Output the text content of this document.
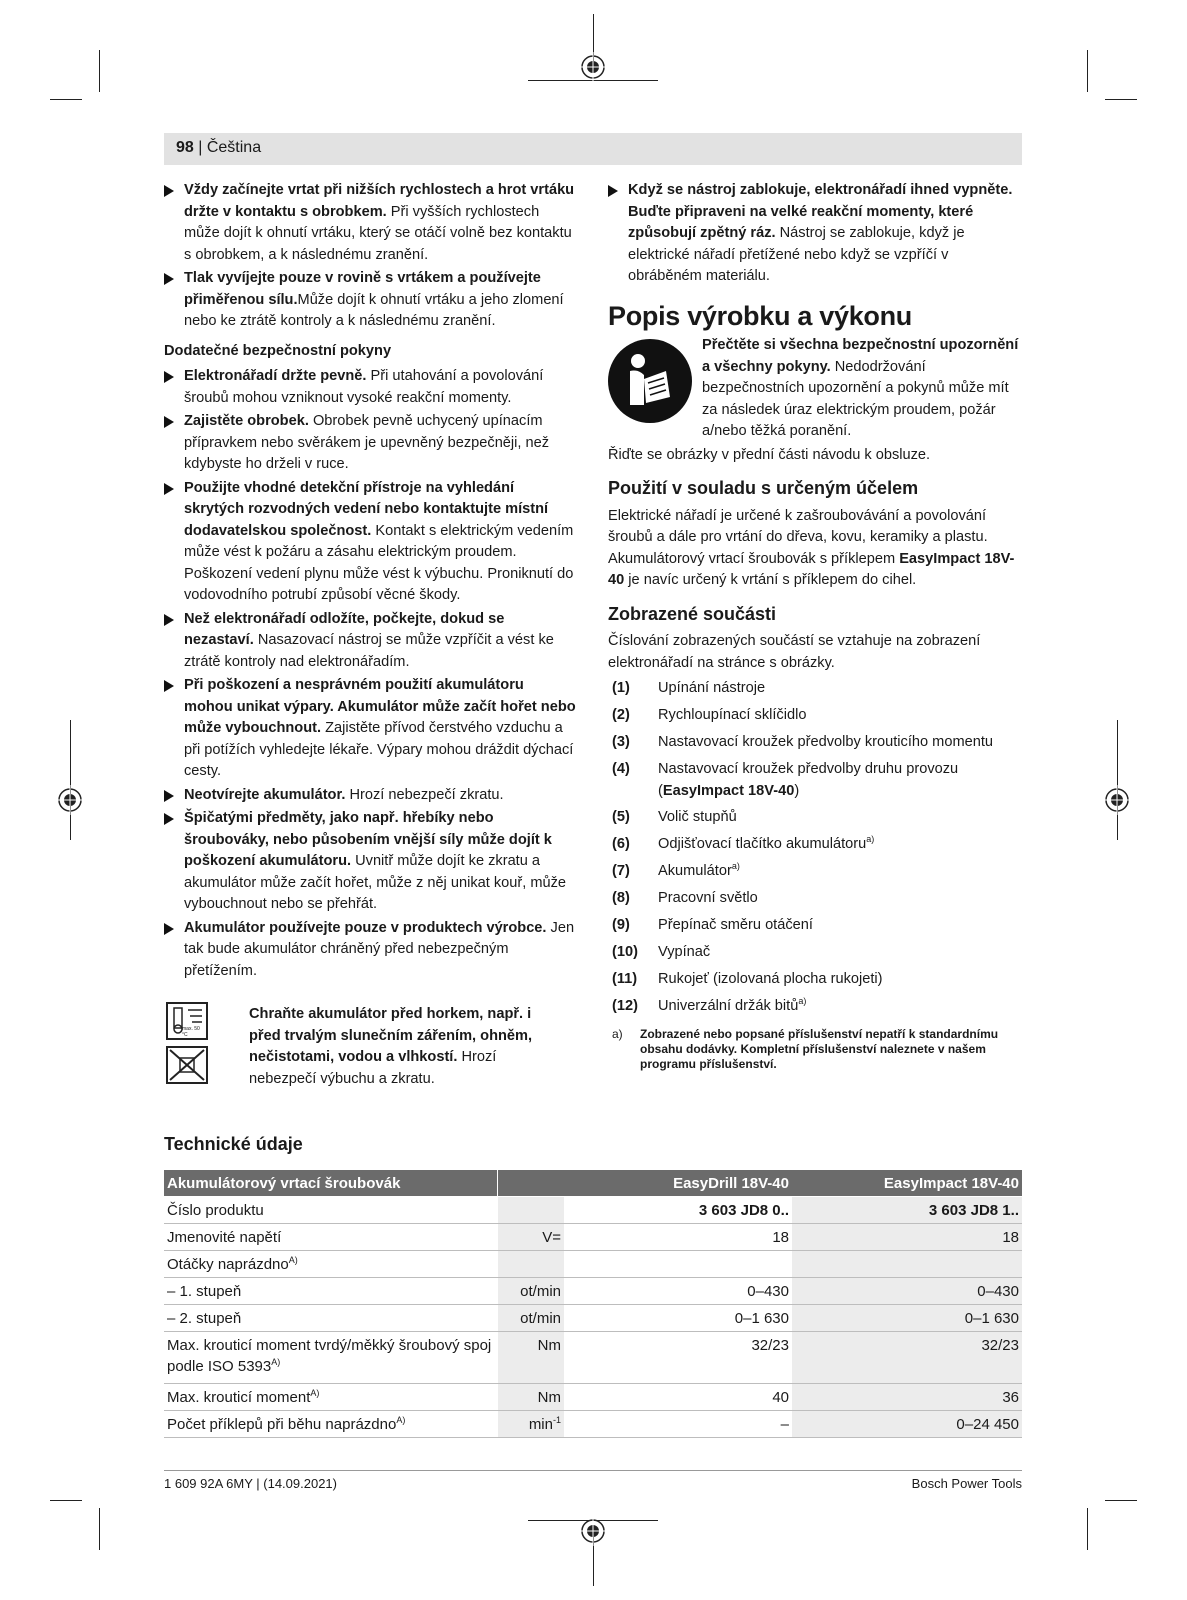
98 | Čeština
Vždy začínejte vrtat při nižších rychlostech a hrot vrtáku držte v kontaktu s obrobkem. Při vyšších rychlostech může dojít k ohnutí vrtáku, který se otáčí volně bez kontaktu s obrobkem, a k následnému zranění.
Tlak vyvíjejte pouze v rovině s vrtákem a používejte přiměřenou sílu.Může dojít k ohnutí vrtáku a jeho zlomení nebo ke ztrátě kontroly a k následnému zranění.
Dodatečné bezpečnostní pokyny
Elektronářadí držte pevně. Při utahování a povolování šroubů mohou vzniknout vysoké reakční momenty.
Zajistěte obrobek. Obrobek pevně uchycený upínacím přípravkem nebo svěrákem je upevněný bezpečněji, než kdybyste ho drželi v ruce.
Použijte vhodné detekční přístroje na vyhledání skrytých rozvodných vedení nebo kontaktujte místní dodavatelskou společnost. Kontakt s elektrickým vedením může vést k požáru a zásahu elektrickým proudem. Poškození vedení plynu může vést k výbuchu. Proniknutí do vodovodního potrubí způsobí věcné škody.
Než elektronářadí odložíte, počkejte, dokud se nezastaví. Nasazovací nástroj se může vzpříčit a vést ke ztrátě kontroly nad elektronářadím.
Při poškození a nesprávném použití akumulátoru mohou unikat výpary. Akumulátor může začít hořet nebo může vybouchnout. Zajistěte přívod čerstvého vzduchu a při potížích vyhledejte lékaře. Výpary mohou dráždit dýchací cesty.
Neotvírejte akumulátor. Hrozí nebezpečí zkratu.
Špičatými předměty, jako např. hřebíky nebo šroubováky, nebo působením vnější síly může dojít k poškození akumulátoru. Uvnitř může dojít ke zkratu a akumulátor může začít hořet, může z něj unikat kouř, může vybouchnout nebo se přehřát.
Akumulátor používejte pouze v produktech výrobce. Jen tak bude akumulátor chráněný před nebezpečným přetížením.
max. 50 °C
Chraňte akumulátor před horkem, např. i před trvalým slunečním zářením, ohněm, nečistotami, vodou a vlhkostí. Hrozí nebezpečí výbuchu a zkratu.
Když se nástroj zablokuje, elektronářadí ihned vypněte. Buďte připraveni na velké reakční momenty, které způsobují zpětný ráz. Nástroj se zablokuje, když je elektrické nářadí přetížené nebo když se vzpříčí v obráběném materiálu.
Popis výrobku a výkonu
Přečtěte si všechna bezpečnostní upozornění a všechny pokyny. Nedodržování bezpečnostních upozornění a pokynů může mít za následek úraz elektrickým proudem, požár a/nebo těžká poranění.
Řiďte se obrázky v přední části návodu k obsluze.
Použití v souladu s určeným účelem
Elektrické nářadí je určené k zašroubovávání a povolování šroubů a dále pro vrtání do dřeva, kovu, keramiky a plastu. Akumulátorový vrtací šroubovák s příklepem EasyImpact 18V-40 je navíc určený k vrtání s příklepem do cihel.
Zobrazené součásti
Číslování zobrazených součástí se vztahuje na zobrazení elektronářadí na stránce s obrázky.
(1)	Upínání nástroje
(2)	Rychloupínací sklíčidlo
(3)	Nastavovací kroužek předvolby krouticího momentu
(4)	Nastavovací kroužek předvolby druhu provozu
(EasyImpact 18V-40)
(5)	Volič stupňů
(6)	Odjišťovací tlačítko akumulátoru$^{a)}$
(7)	Akumulátor$^{a)}$
(8)	Pracovní světlo
(9)	Přepínač směru otáčení
(10)	Vypínač
(11)	Rukojeť (izolovaná plocha rukojeti)
(12)	Univerzální držák bitů$^{a)}$
a)	Zobrazené nebo popsané příslušenství nepatří k standardnímu obsahu dodávky. Kompletní příslušenství naleznete v našem programu příslušenství.
Technické údaje
Akumulátorový vrtací šroubovák		EasyDrill 18V-40	EasyImpact 18V-40
Číslo produktu		3 603 JD8 0..	3 603 JD8 1..
Jmenovité napětí	V=	18	18
Otáčky naprázdno$^{A)}$			
– 1. stupeň	ot/min	0–430	0–430
– 2. stupeň	ot/min	0–1 630	0–1 630
Max. krouticí moment tvrdý/měkký šroubový spoj podle ISO $5393^{A)}$	Nm	32/23	32/23
Max. krouticí moment$^{A)}$	Nm	40	36
Počet příklepů při běhu naprázdno$^{A)}$	$\min^{-1}$	–	0–24 450
1 609 92A 6MY | (14.09.2021)	Bosch Power Tools
